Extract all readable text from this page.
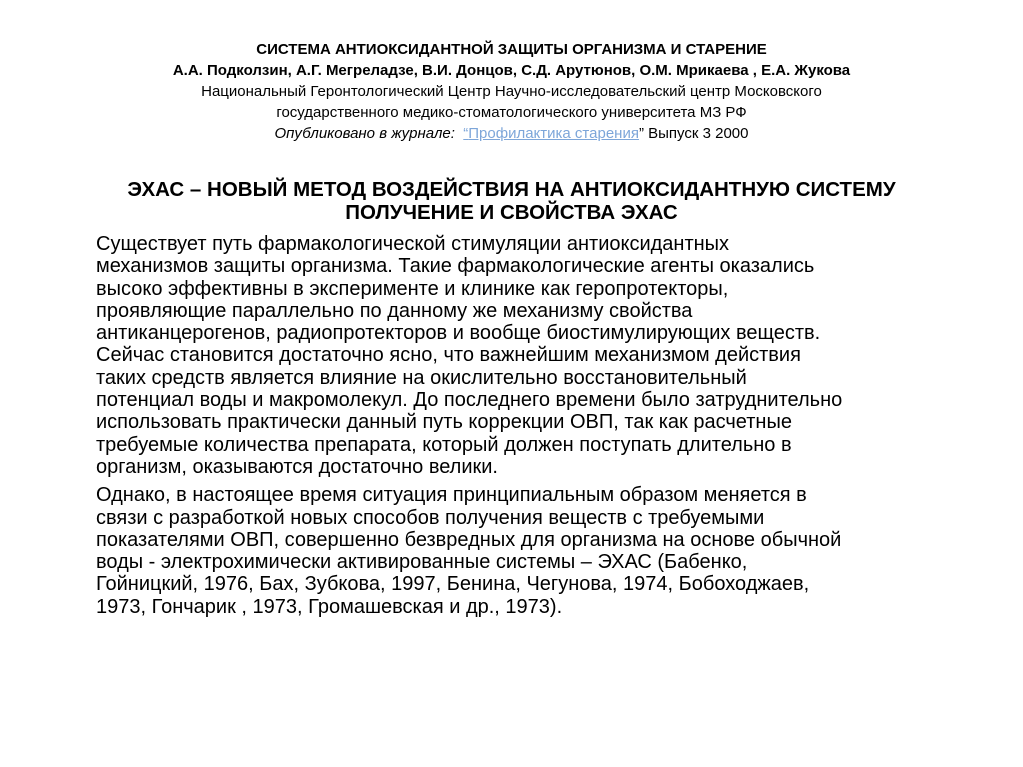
СИСТЕМА АНТИОКСИДАНТНОЙ ЗАЩИТЫ ОРГАНИЗМА И СТАРЕНИЕ
А.А. Подколзин, А.Г. Мегреладзе, В.И. Донцов, С.Д. Арутюнов, О.М. Мрикаева , Е.А. Жукова
Национальный Геронтологический Центр Научно-исследовательский центр Московского
государственного медико-стоматологического университета МЗ РФ
Опубликовано в журнале: “Профилактика старения” Выпуск 3 2000
ЭХАС – НОВЫЙ МЕТОД ВОЗДЕЙСТВИЯ НА АНТИОКСИДАНТНУЮ СИСТЕМУ
ПОЛУЧЕНИЕ И СВОЙСТВА ЭХАС

Существует путь фармакологической стимуляции антиоксидантных
механизмов защиты организма. Такие фармакологические агенты оказались
высоко эффективны в эксперименте и клинике как геропротекторы,
проявляющие параллельно по данному же механизму свойства
антиканцерогенов, радиопротекторов и вообще биостимулирующих веществ.
Сейчас становится достаточно ясно, что важнейшим механизмом действия
таких средств является влияние на окислительно восстановительный
потенциал воды и макромолекул. До последнего времени было затруднительно
использовать практически данный путь коррекции ОВП, так как расчетные
требуемые количества препарата, который должен поступать длительно в
организм, оказываются достаточно велики.

Однако, в настоящее время ситуация принципиальным образом меняется в
связи с разработкой новых способов получения веществ с требуемыми
показателями ОВП, совершенно безвредных для организма на основе обычной
воды - электрохимически активированные системы – ЭХАС (Бабенко,
Гойницкий, 1976, Бах, Зубкова, 1997, Бенина, Чегунова, 1974, Бобоходжаев,
1973, Гончарик , 1973, Громашевская и др., 1973).
